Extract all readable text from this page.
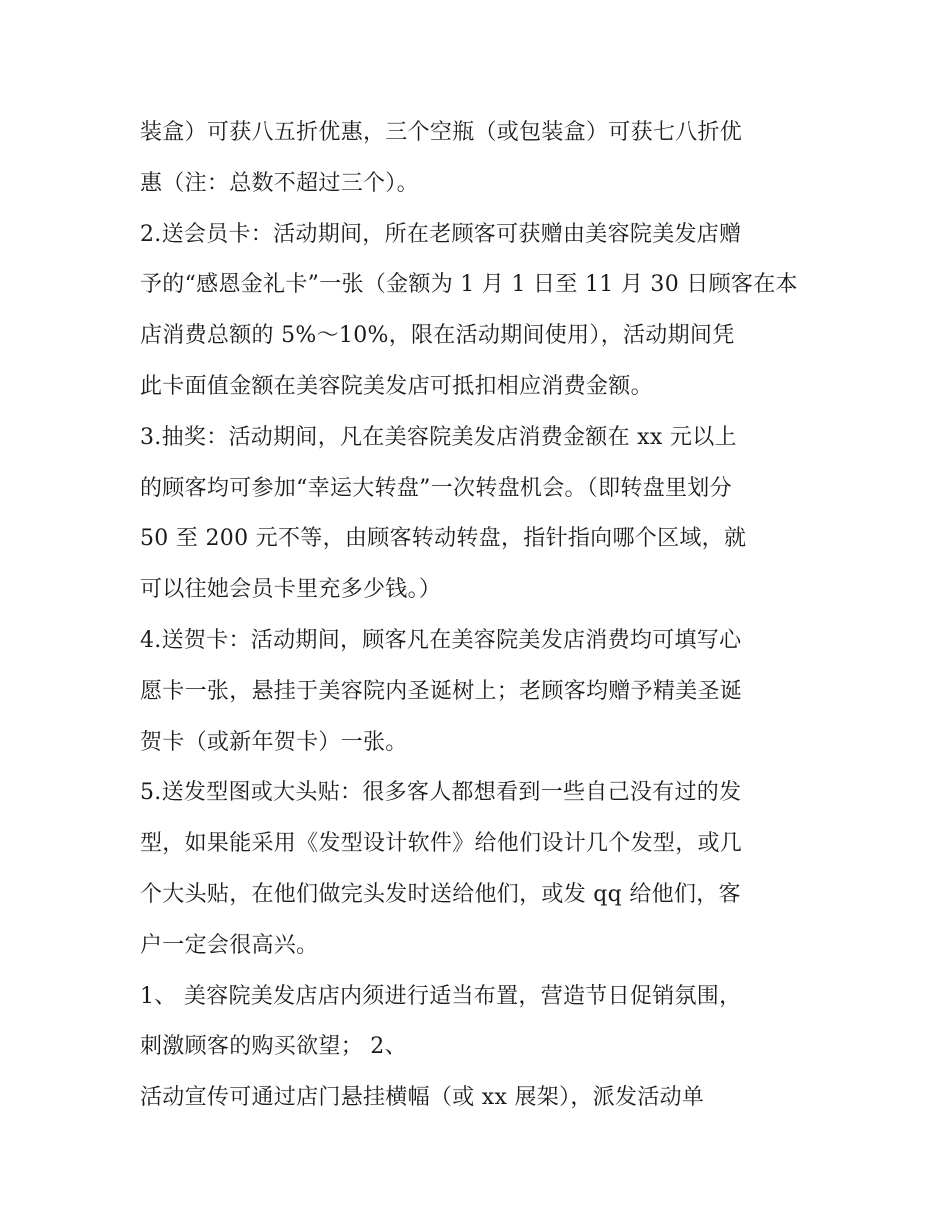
装盒）可获八五折优惠，三个空瓶（或包装盒）可获七八折优
惠（注：总数不超过三个）。
2.送会员卡：活动期间，所在老顾客可获赠由美容院美发店赠
予的“感恩金礼卡”一张（金额为 1 月 1 日至 11 月 30 日顾客在本
店消费总额的 5%～10%，限在活动期间使用），活动期间凭
此卡面值金额在美容院美发店可抵扣相应消费金额。
3.抽奖：活动期间，凡在美容院美发店消费金额在 xx 元以上
的顾客均可参加“幸运大转盘”一次转盘机会。（即转盘里划分
50 至 200 元不等，由顾客转动转盘，指针指向哪个区域，就
可以往她会员卡里充多少钱。）
4.送贺卡：活动期间，顾客凡在美容院美发店消费均可填写心
愿卡一张，悬挂于美容院内圣诞树上；老顾客均赠予精美圣诞
贺卡（或新年贺卡）一张。
5.送发型图或大头贴：很多客人都想看到一些自己没有过的发
型，如果能采用《发型设计软件》给他们设计几个发型，或几
个大头贴，在他们做完头发时送给他们，或发 qq 给他们，客
户一定会很高兴。
1、 美容院美发店店内须进行适当布置，营造节日促销氛围，
刺激顾客的购买欲望； 2、
活动宣传可通过店门悬挂横幅（或 xx 展架），派发活动单
